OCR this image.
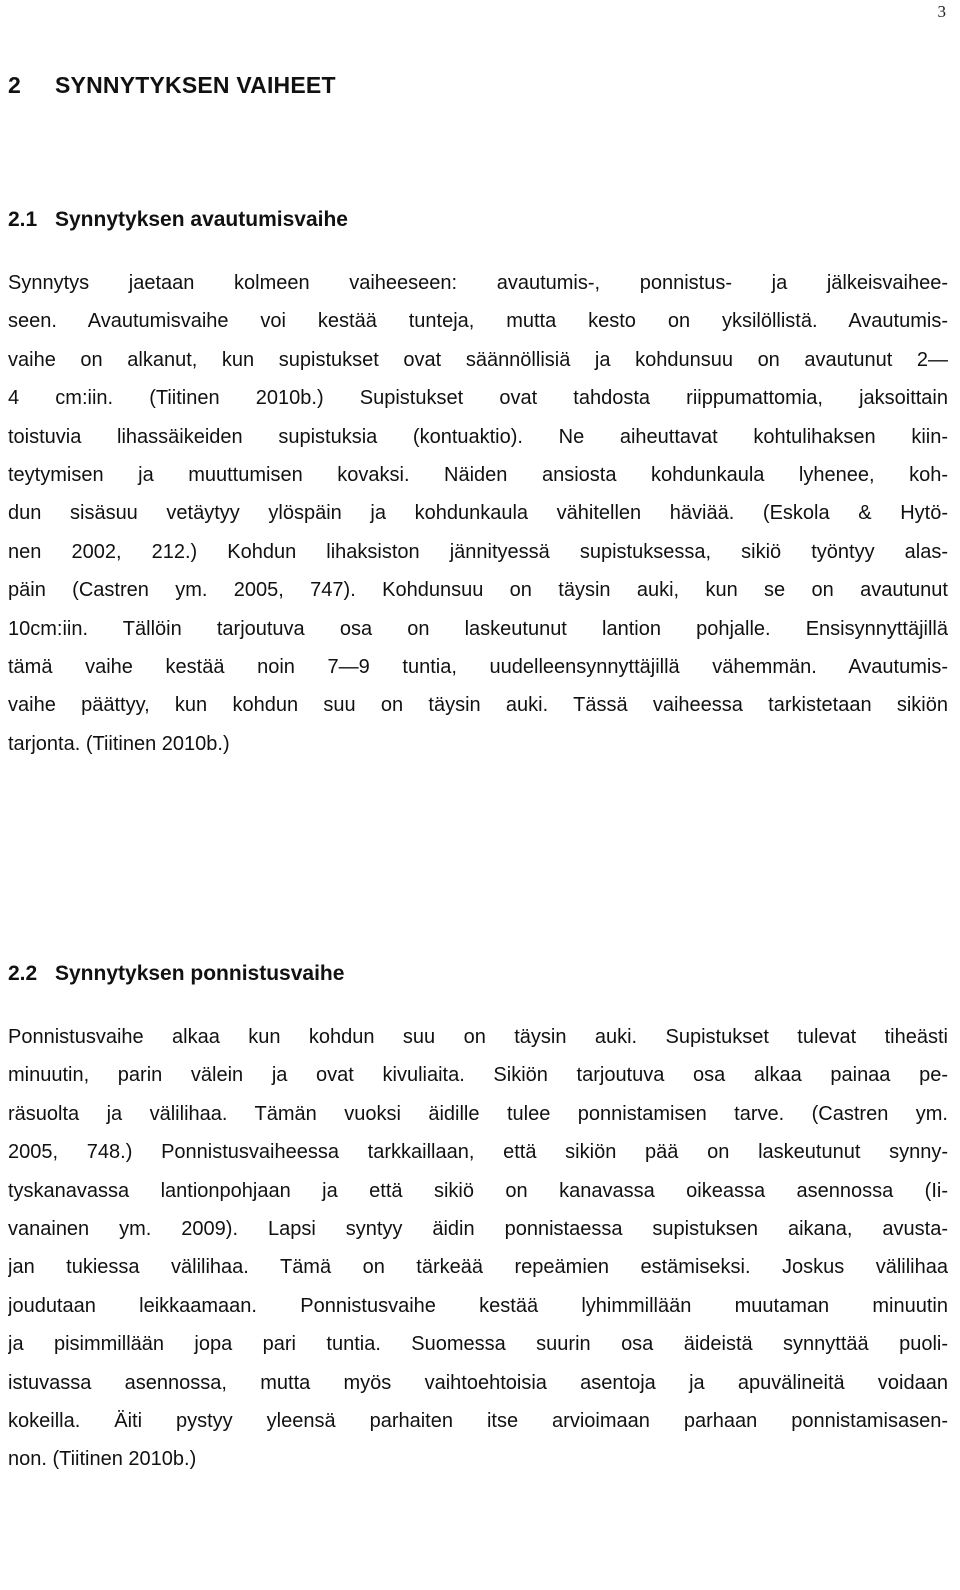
3
2 SYNNYTYKSEN VAIHEET
2.1 Synnytyksen avautumisvaihe
Synnytys jaetaan kolmeen vaiheeseen: avautumis-, ponnistus- ja jälkeisvaihee-
seen. Avautumisvaihe voi kestää tunteja, mutta kesto on yksilöllistä. Avautumis-
vaihe on alkanut, kun supistukset ovat säännöllisiä ja kohdunsuu on avautunut 2—
4 cm:iin. (Tiitinen 2010b.) Supistukset ovat tahdosta riippumattomia, jaksoittain
toistuvia lihassäikeiden supistuksia (kontuaktio). Ne aiheuttavat kohtulihaksen kiin-
teytymisen ja muuttumisen kovaksi. Näiden ansiosta kohdunkaula lyhenee, koh-
dun sisäsuu vetäytyy ylöspäin ja kohdunkaula vähitellen häviää. (Eskola & Hytö-
nen 2002, 212.) Kohdun lihaksiston jännityessä supistuksessa, sikiö työntyy alas-
päin (Castren ym. 2005, 747). Kohdunsuu on täysin auki, kun se on avautunut
10cm:iin. Tällöin tarjoutuva osa on laskeutunut lantion pohjalle. Ensisynnyttäjillä
tämä vaihe kestää noin 7—9 tuntia, uudelleensynnyttäjillä vähemmän. Avautumis-
vaihe päättyy, kun kohdun suu on täysin auki. Tässä vaiheessa tarkistetaan sikiön
tarjonta. (Tiitinen 2010b.)
2.2 Synnytyksen ponnistusvaihe
Ponnistusvaihe alkaa kun kohdun suu on täysin auki. Supistukset tulevat tiheästi
minuutin, parin välein ja ovat kivuliaita. Sikiön tarjoutuva osa alkaa painaa pe-
räsuolta ja välilihaa. Tämän vuoksi äidille tulee ponnistamisen tarve. (Castren ym.
2005, 748.) Ponnistusvaiheessa tarkkaillaan, että sikiön pää on laskeutunut synny-
tyskanavassa lantionpohjaan ja että sikiö on kanavassa oikeassa asennossa (Ii-
vanainen ym. 2009). Lapsi syntyy äidin ponnistaessa supistuksen aikana, avusta-
jan tukiessa välilihaa. Tämä on tärkeää repeämien estämiseksi. Joskus välilihaa
joudutaan leikkaamaan. Ponnistusvaihe kestää lyhimmillään muutaman minuutin
ja pisimmillään jopa pari tuntia. Suomessa suurin osa äideistä synnyttää puoli-
istuvassa asennossa, mutta myös vaihtoehtoisia asentoja ja apuvälineitä voidaan
kokeilla. Äiti pystyy yleensä parhaiten itse arvioimaan parhaan ponnistamisasen-
non. (Tiitinen 2010b.)
